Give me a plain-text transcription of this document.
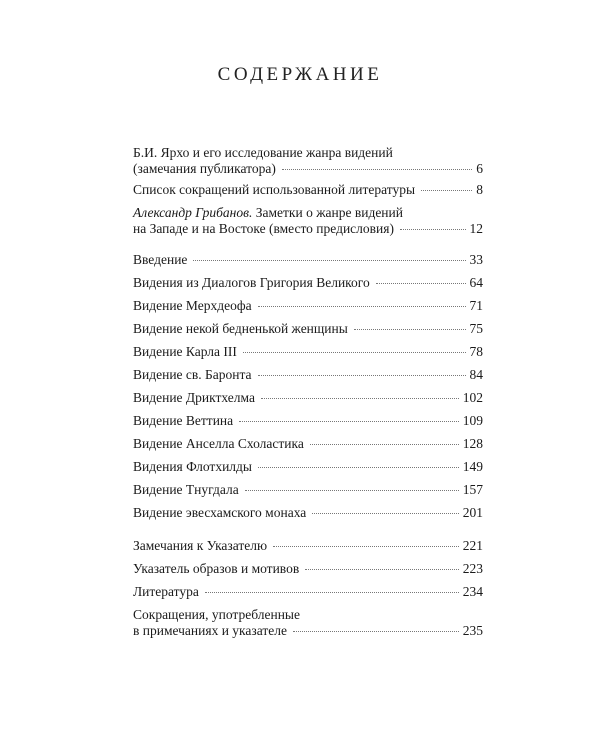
СОДЕРЖАНИЕ
Б.И. Ярхо и его исследование жанра видений
(замечания публикатора)	6
Список сокращений использованной литературы	8
Александр Грибанов. Заметки о жанре видений
на Западе и на Востоке (вместо предисловия)	12
Введение	33
Видения из Диалогов Григория Великого	64
Видение Мерхдеофа	71
Видение некой бедненькой женщины	75
Видение Карла III	78
Видение св. Баронта	84
Видение Дриктхелма	102
Видение Веттина	109
Видение Анселла Схоластика	128
Видения Флотхилды	149
Видение Тнугдала	157
Видение эвесхамского монаха	201
Замечания к Указателю	221
Указатель образов и мотивов	223
Литература	234
Сокращения, употребленные
в примечаниях и указателе	235
